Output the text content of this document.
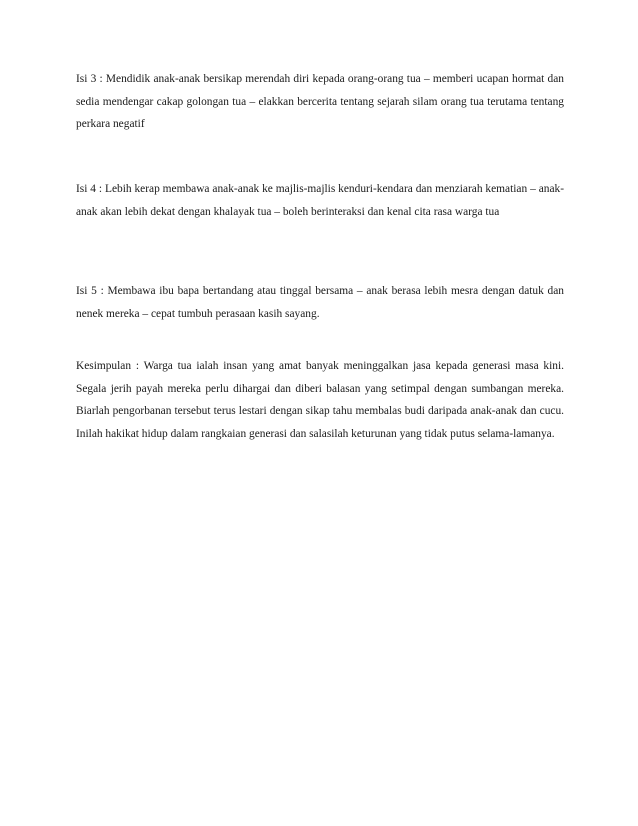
Isi 3 : Mendidik anak-anak bersikap merendah diri kepada orang-orang tua – memberi ucapan hormat dan sedia mendengar cakap golongan tua – elakkan bercerita tentang sejarah silam orang tua terutama tentang perkara negatif

Isi 4 : Lebih kerap membawa anak-anak ke majlis-majlis kenduri-kendara dan menziarah kematian – anak-anak akan lebih dekat dengan khalayak tua – boleh berinteraksi dan kenal cita rasa warga tua

Isi 5 : Membawa ibu bapa bertandang atau tinggal bersama – anak berasa lebih mesra dengan datuk dan nenek mereka – cepat tumbuh perasaan kasih sayang.

Kesimpulan : Warga tua ialah insan yang amat banyak meninggalkan jasa kepada generasi masa kini. Segala jerih payah mereka perlu dihargai dan diberi balasan yang setimpal dengan sumbangan mereka. Biarlah pengorbanan tersebut terus lestari dengan sikap tahu membalas budi daripada anak-anak dan cucu. Inilah hakikat hidup dalam rangkaian generasi dan salasilah keturunan yang tidak putus selama-lamanya.
